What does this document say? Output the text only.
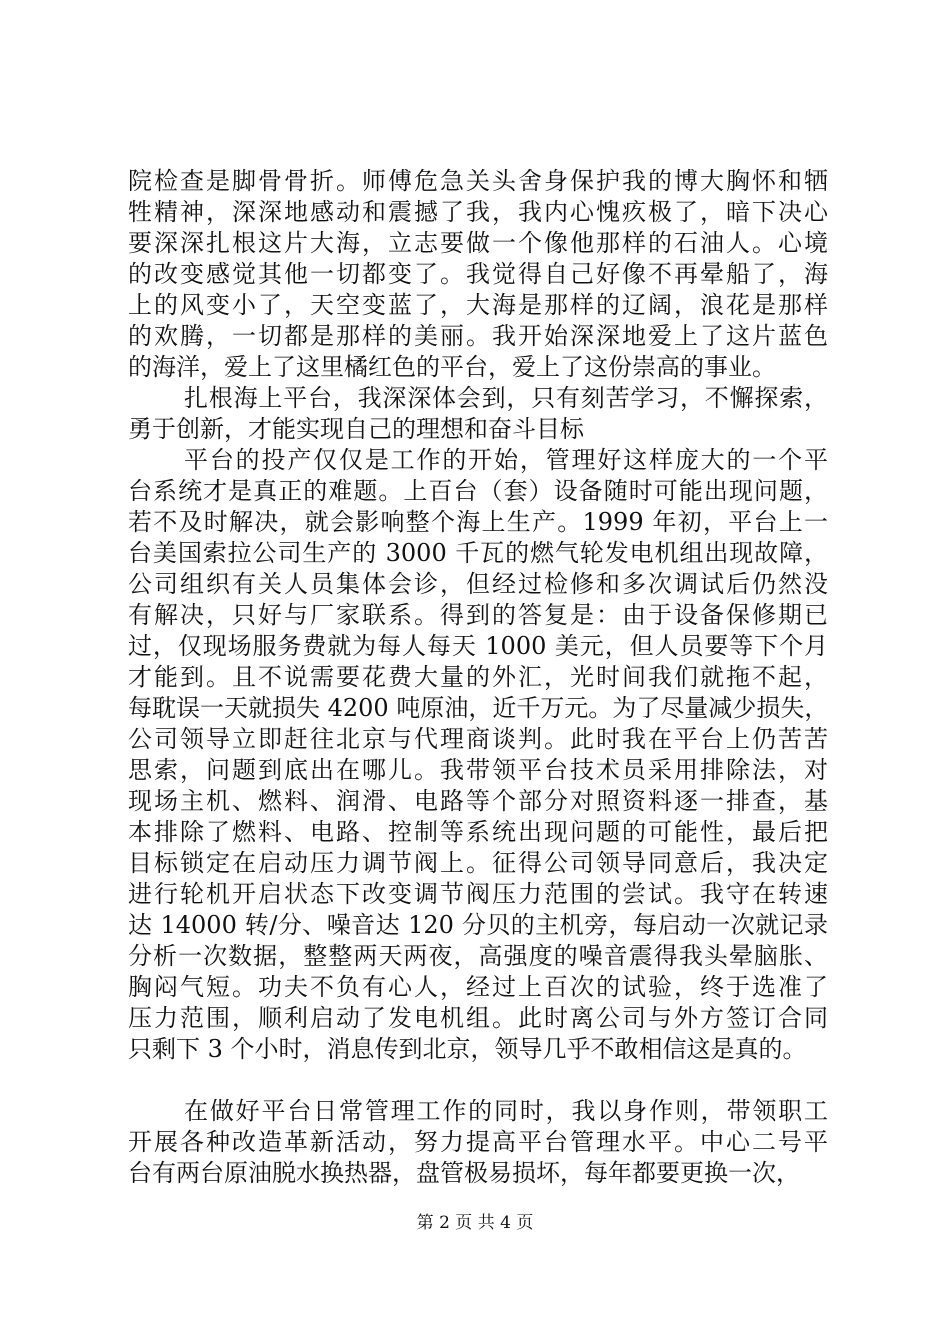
院检查是脚骨骨折。师傅危急关头舍身保护我的博大胸怀和牺
牲精神，深深地感动和震撼了我，我内心愧疚极了，暗下决心
要深深扎根这片大海，立志要做一个像他那样的石油人。心境
的改变感觉其他一切都变了。我觉得自己好像不再晕船了，海
上的风变小了，天空变蓝了，大海是那样的辽阔，浪花是那样
的欢腾，一切都是那样的美丽。我开始深深地爱上了这片蓝色
的海洋，爱上了这里橘红色的平台，爱上了这份崇高的事业。
扎根海上平台，我深深体会到，只有刻苦学习，不懈探索，
勇于创新，才能实现自己的理想和奋斗目标
平台的投产仅仅是工作的开始，管理好这样庞大的一个平
台系统才是真正的难题。上百台（套）设备随时可能出现问题，
若不及时解决，就会影响整个海上生产。1999 年初，平台上一
台美国索拉公司生产的 3000 千瓦的燃气轮发电机组出现故障，
公司组织有关人员集体会诊，但经过检修和多次调试后仍然没
有解决，只好与厂家联系。得到的答复是：由于设备保修期已
过，仅现场服务费就为每人每天 1000 美元，但人员要等下个月
才能到。且不说需要花费大量的外汇，光时间我们就拖不起，
每耽误一天就损失 4200 吨原油，近千万元。为了尽量减少损失，
公司领导立即赶往北京与代理商谈判。此时我在平台上仍苦苦
思索，问题到底出在哪儿。我带领平台技术员采用排除法，对
现场主机、燃料、润滑、电路等个部分对照资料逐一排查，基
本排除了燃料、电路、控制等系统出现问题的可能性，最后把
目标锁定在启动压力调节阀上。征得公司领导同意后，我决定
进行轮机开启状态下改变调节阀压力范围的尝试。我守在转速
达 14000 转/分、噪音达 120 分贝的主机旁，每启动一次就记录
分析一次数据，整整两天两夜，高强度的噪音震得我头晕脑胀、
胸闷气短。功夫不负有心人，经过上百次的试验，终于选准了
压力范围，顺利启动了发电机组。此时离公司与外方签订合同
只剩下 3 个小时，消息传到北京，领导几乎不敢相信这是真的。
在做好平台日常管理工作的同时，我以身作则，带领职工
开展各种改造革新活动，努力提高平台管理水平。中心二号平
台有两台原油脱水换热器，盘管极易损坏，每年都要更换一次，
第 2 页 共 4 页
